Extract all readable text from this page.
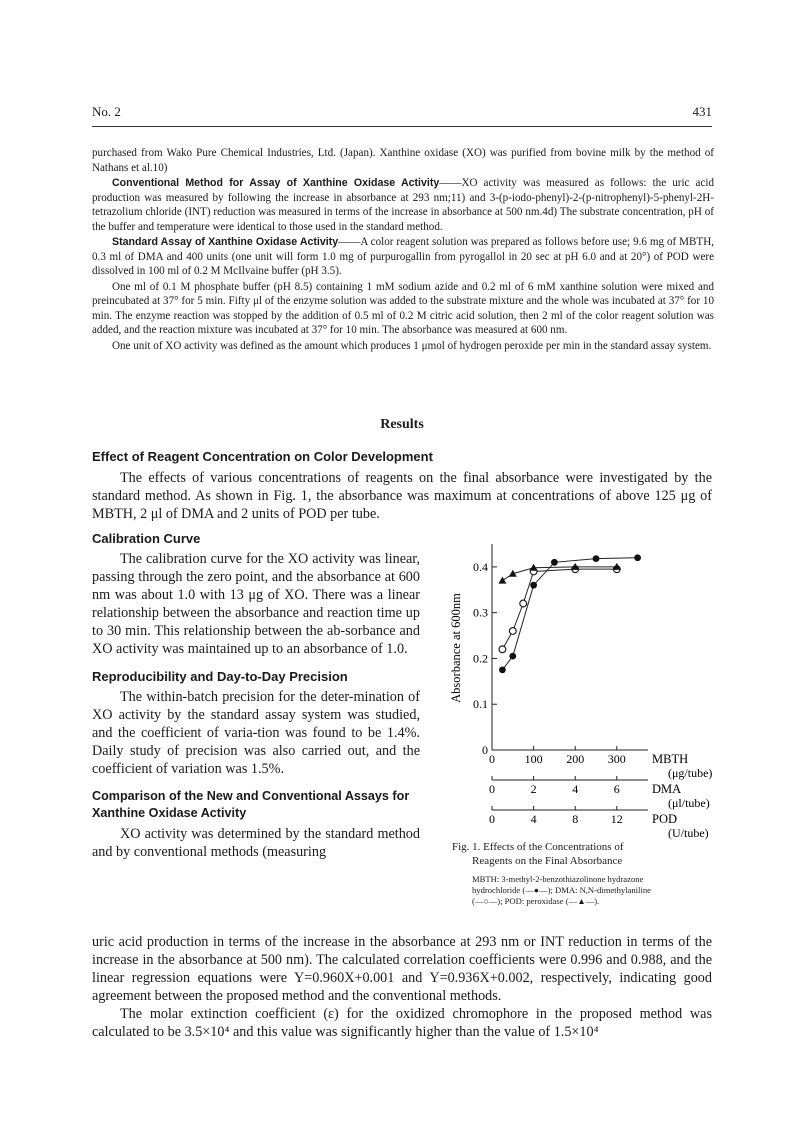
No. 2	431

purchased from Wako Pure Chemical Industries, Ltd. (Japan). Xanthine oxidase (XO) was purified from bovine milk by the method of Nathans et al.10)

Conventional Method for Assay of Xanthine Oxidase Activity——XO activity was measured as follows: the uric acid production was measured by following the increase in absorbance at 293 nm;11) and 3-(p-iodo-phenyl)-2-(p-nitrophenyl)-5-phenyl-2H-tetrazolium chloride (INT) reduction was measured in terms of the increase in absorbance at 500 nm.4d) The substrate concentration, pH of the buffer and temperature were identical to those used in the standard method.

Standard Assay of Xanthine Oxidase Activity——A color reagent solution was prepared as follows before use; 9.6 mg of MBTH, 0.3 ml of DMA and 400 units (one unit will form 1.0 mg of purpurogallin from pyrogallol in 20 sec at pH 6.0 and at 20°) of POD were dissolved in 100 ml of 0.2 M McIlvaine buffer (pH 3.5).

One ml of 0.1 M phosphate buffer (pH 8.5) containing 1 mM sodium azide and 0.2 ml of 6 mM xanthine solution were mixed and preincubated at 37° for 5 min. Fifty μl of the enzyme solution was added to the substrate mixture and the whole was incubated at 37° for 10 min. The enzyme reaction was stopped by the addition of 0.5 ml of 0.2 M citric acid solution, then 2 ml of the color reagent solution was added, and the reaction mixture was incubated at 37° for 10 min. The absorbance was measured at 600 nm.

One unit of XO activity was defined as the amount which produces 1 μmol of hydrogen peroxide per min in the standard assay system.

Results
Effect of Reagent Concentration on Color Development

The effects of various concentrations of reagents on the final absorbance were investigated by the standard method. As shown in Fig. 1, the absorbance was maximum at concentrations of above 125 μg of MBTH, 2 μl of DMA and 2 units of POD per tube.

Calibration Curve

The calibration curve for the XO activity was linear, passing through the zero point, and the absorbance at 600 nm was about 1.0 with 13 μg of XO. There was a linear relationship between the absorbance and reaction time up to 30 min. This relationship between the ab-sorbance and XO activity was maintained up to an absorbance of 1.0.

Reproducibility and Day-to-Day Precision

The within-batch precision for the deter-mination of XO activity by the standard assay system was studied, and the coefficient of varia-tion was found to be 1.4%. Daily study of precision was also carried out, and the coefficient of variation was 1.5%.

Comparison of the New and Conventional Assays for Xanthine Oxidase Activity

XO activity was determined by the standard method and by conventional methods (measuring

0
0.1
0.2
0.3
0.4
Absorbance at 600nm
0 100 200 300 MBTH
(μg/tube)
0	2	4	6	DMA
(μl/tube)
0	4	8	12 POD
(U/tube)
Fig. 1. Effects of the Concentrations of
Reagents on the Final Absorbance
MBTH: 3-methyl-2-benzothiazolinone hydrazone
hydrochloride (—●—); DMA: N,N-dimethylaniline
(—○—); POD: peroxidase (—▲—).

uric acid production in terms of the increase in the absorbance at 293 nm or INT reduction in terms of the increase in the absorbance at 500 nm). The calculated correlation coefficients were 0.996 and 0.988, and the linear regression equations were Y=0.960X+0.001 and Y=0.936X+0.002, respectively, indicating good agreement between the proposed method and the conventional methods.

The molar extinction coefficient (ε) for the oxidized chromophore in the proposed method was calculated to be 3.5×10⁴ and this value was significantly higher than the value of 1.5×10⁴
